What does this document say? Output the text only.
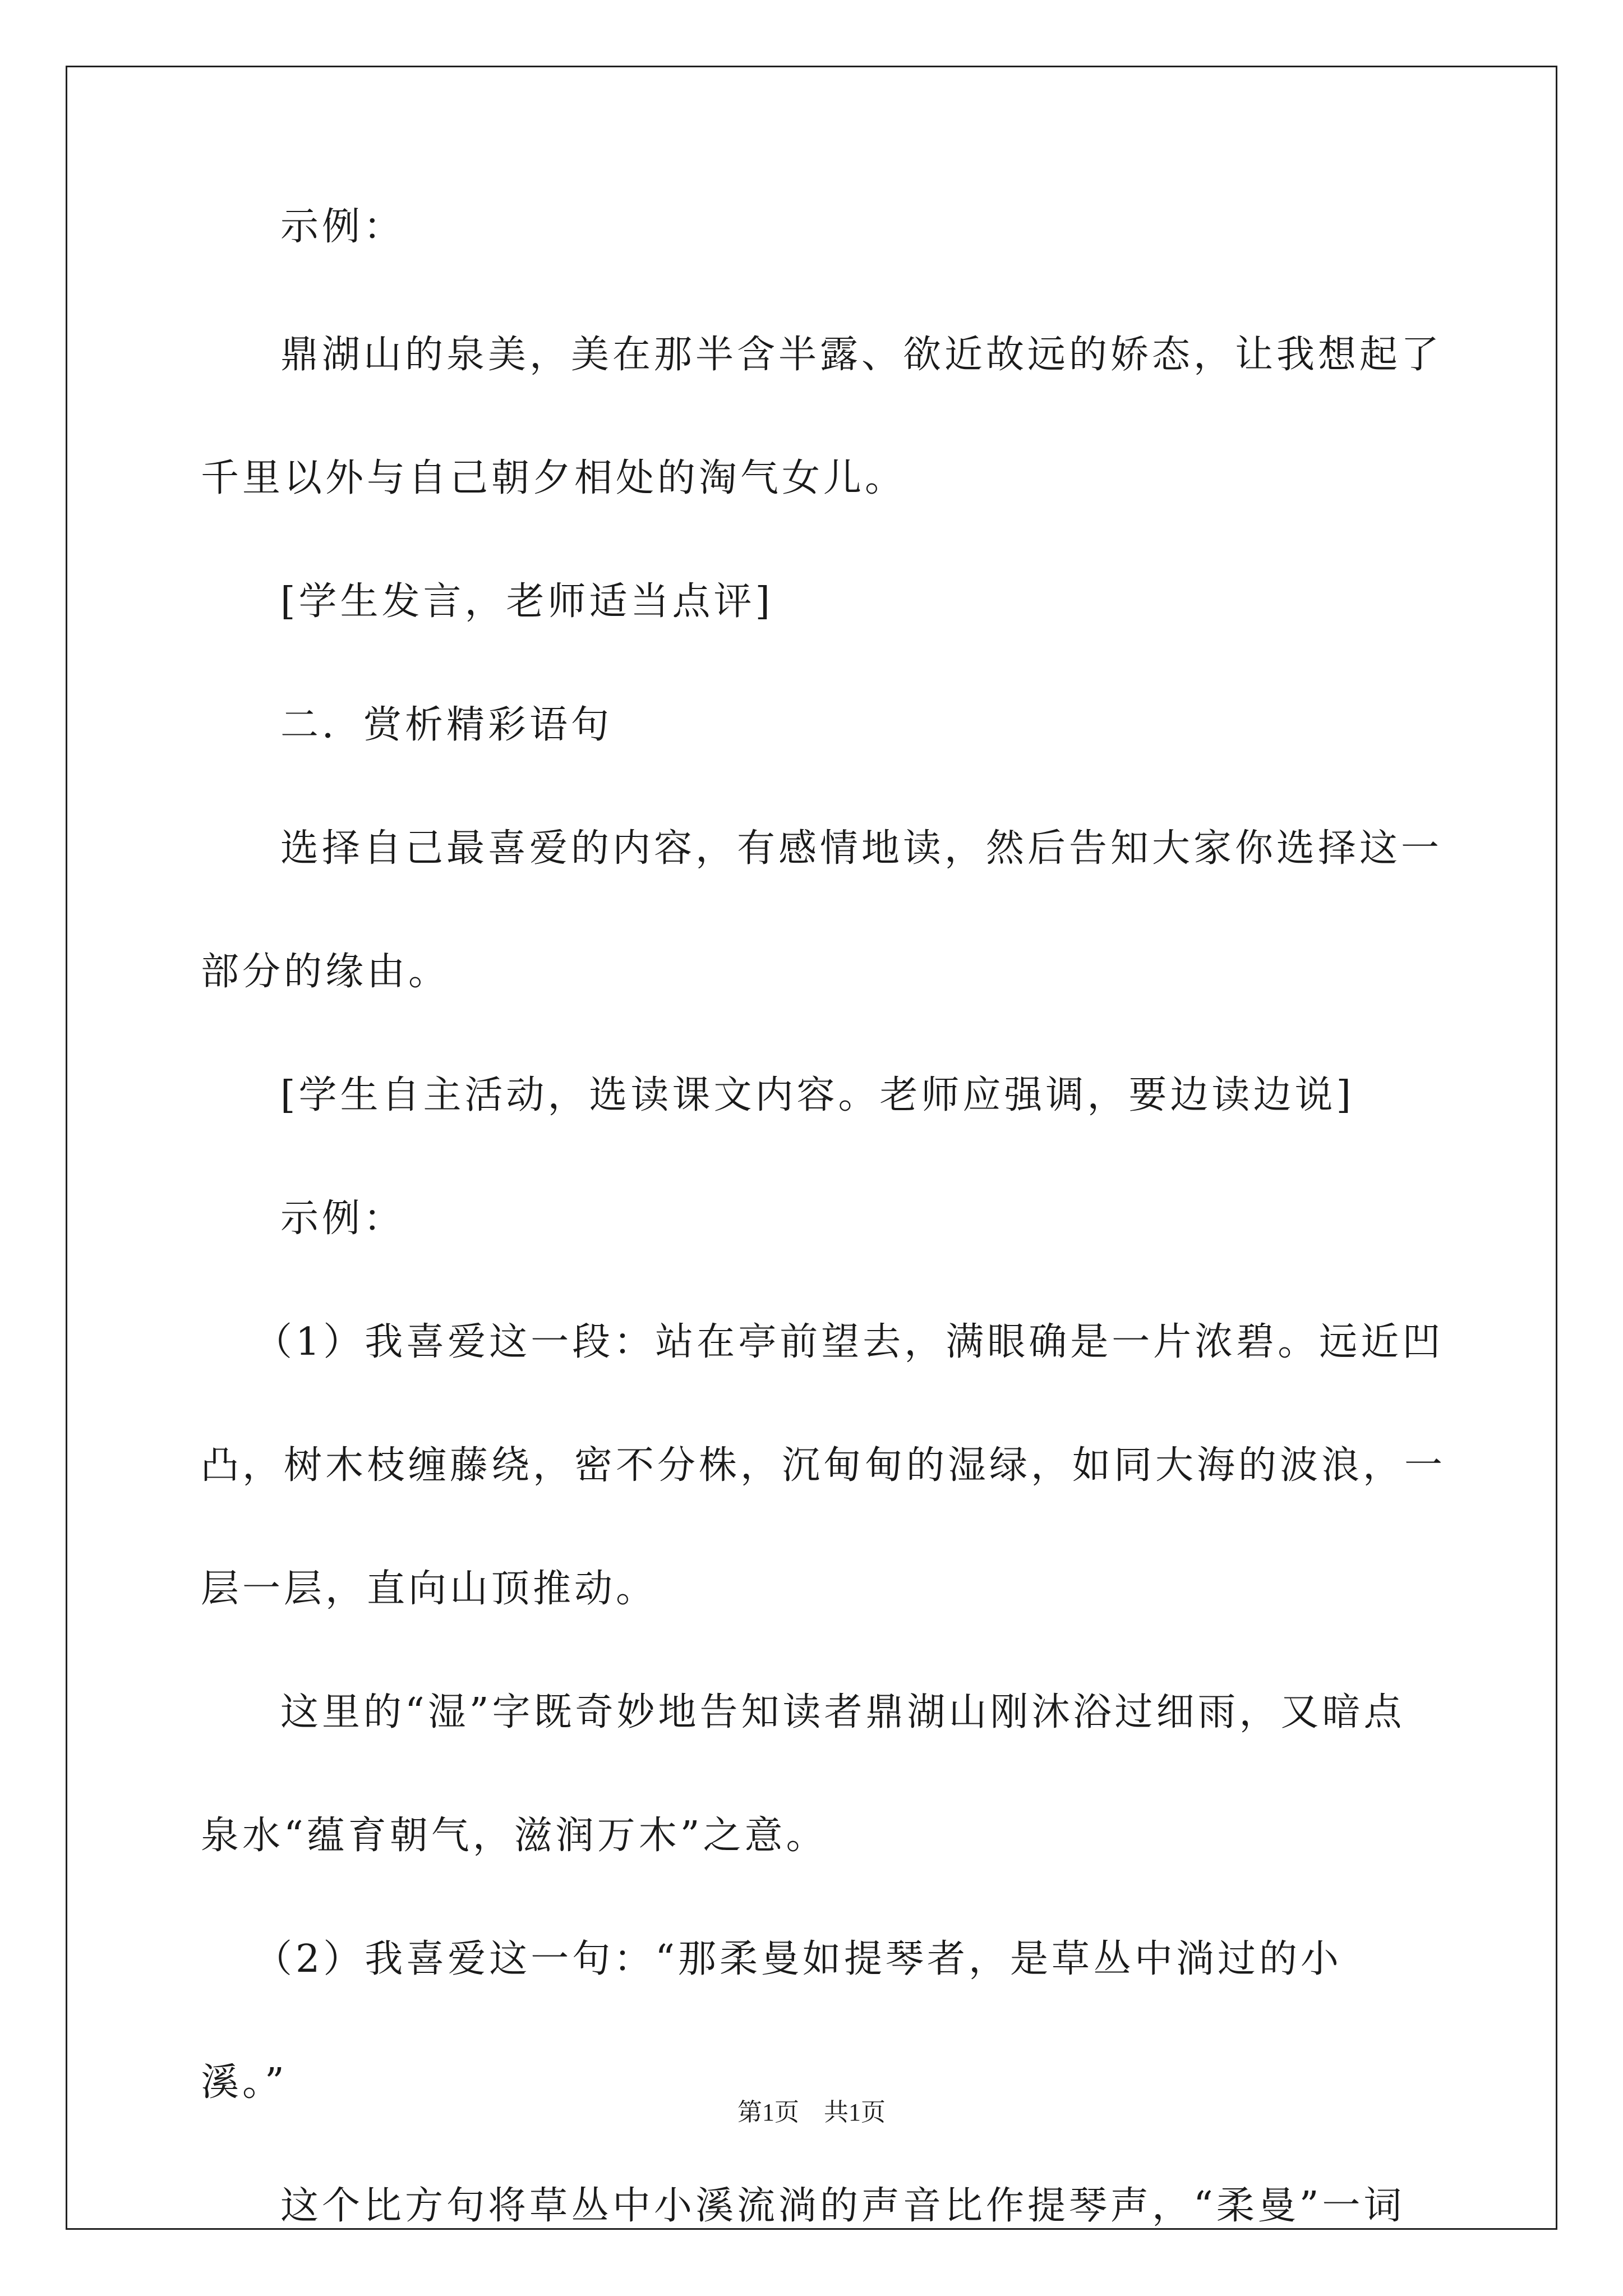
示例：
鼎湖山的泉美，美在那半含半露、欲近故远的娇态，让我想起了
千里以外与自己朝夕相处的淘气女儿。
[学生发言，老师适当点评]
二．赏析精彩语句
选择自己最喜爱的内容，有感情地读，然后告知大家你选择这一
部分的缘由。
[学生自主活动，选读课文内容。老师应强调，要边读边说]
示例：
（1）我喜爱这一段：站在亭前望去，满眼确是一片浓碧。远近凹
凸，树木枝缠藤绕，密不分株，沉甸甸的湿绿，如同大海的波浪，一
层一层，直向山顶推动。
这里的“湿”字既奇妙地告知读者鼎湖山刚沐浴过细雨，又暗点
泉水“蕴育朝气，滋润万木”之意。
（2）我喜爱这一句：“那柔曼如提琴者，是草丛中淌过的小
溪。”
这个比方句将草丛中小溪流淌的声音比作提琴声，“柔曼”一词
第1页　共1页
